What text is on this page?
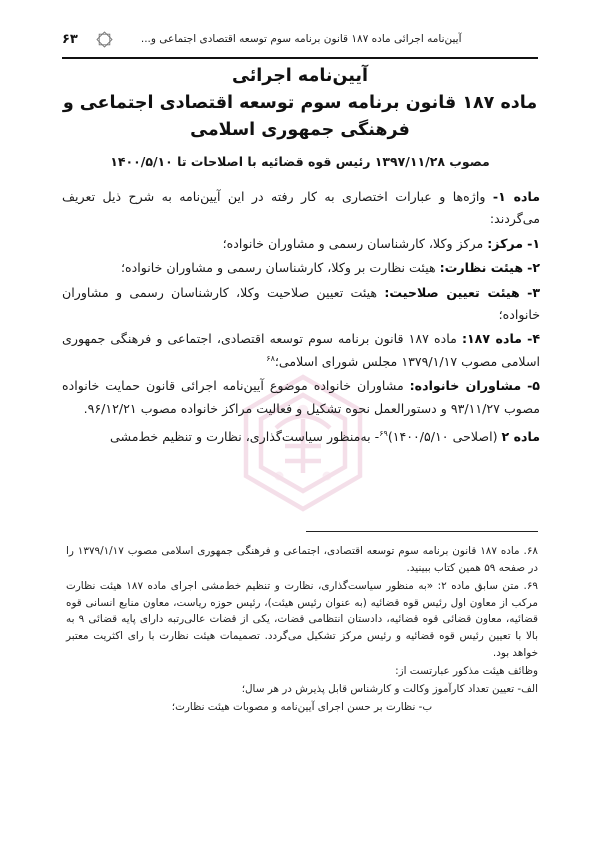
۶۳	آیین‌نامه اجرائی ماده ۱۸۷ قانون برنامه سوم توسعه اقتصادی اجتماعی و...
آیین‌نامه اجرائی
ماده ۱۸۷ قانون برنامه سوم توسعه اقتصادی اجتماعی و
فرهنگی جمهوری اسلامی
مصوب ۱۳۹۷/۱۱/۲۸ رئیس قوه قضائیه با اصلاحات تا ۱۴۰۰/۵/۱۰

ماده ۱- واژه‌ها و عبارات اختصاری به کار رفته در این آیین‌نامه به شرح ذیل تعریف می‌گردند:

۱- مرکز: مرکز وکلا، کارشناسان رسمی و مشاوران خانواده؛

۲- هیئت نظارت: هیئت نظارت بر وکلا، کارشناسان رسمی و مشاوران خانواده؛

۳- هیئت تعیین صلاحیت: هیئت تعیین صلاحیت وکلا، کارشناسان رسمی و مشاوران خانواده؛

۴- ماده ۱۸۷: ماده ۱۸۷ قانون برنامه سوم توسعه اقتصادی، اجتماعی و فرهنگی جمهوری اسلامی مصوب ۱۳۷۹/۱/۱۷ مجلس شورای اسلامی؛$^{۶۸}$

۵- مشاوران خانواده: مشاوران خانواده موضوع آیین‌نامه اجرائی قانون حمایت خانواده مصوب ۹۳/۱۱/۲۷ و دستورالعمل نحوه تشکیل و فعالیت مراکز خانواده مصوب ۹۶/۱۲/۲۱.

ماده ۲ (اصلاحی ۱۴۰۰/۵/۱۰)$^{۶۹}$- به‌منظور سیاست‌گذاری، نظارت و تنظیم خط‌مشی

۶۸. ماده ۱۸۷ قانون برنامه سوم توسعه اقتصادی، اجتماعی و فرهنگی جمهوری اسلامی مصوب ۱۳۷۹/۱/۱۷ را در صفحه ۵۹ همین کتاب ببینید.

۶۹. متن سابق ماده ۲: «به منظور سیاست‌گذاری، نظارت و تنظیم خط‌مشی اجرای ماده ۱۸۷ هیئت نظارت مرکب از معاون اول رئیس قوه قضائیه (به عنوان رئیس هیئت)، رئیس حوزه ریاست، معاون منابع انسانی قوه قضائیه، معاون قضائی قوه قضائیه، دادستان انتظامی قضات، یکی از قضات عالی‌رتبه دارای پایه قضائی ۹ به بالا با تعیین رئیس قوه قضائیه و رئیس مرکز تشکیل می‌گردد. تصمیمات هیئت نظارت با رای اکثریت معتبر خواهد بود.

وظائف هیئت مذکور عبارتست از:

الف- تعیین تعداد کارآموز وکالت و کارشناس قابل پذیرش در هر سال؛

ب- نظارت بر حسن اجرای آیین‌نامه و مصوبات هیئت نظارت؛
